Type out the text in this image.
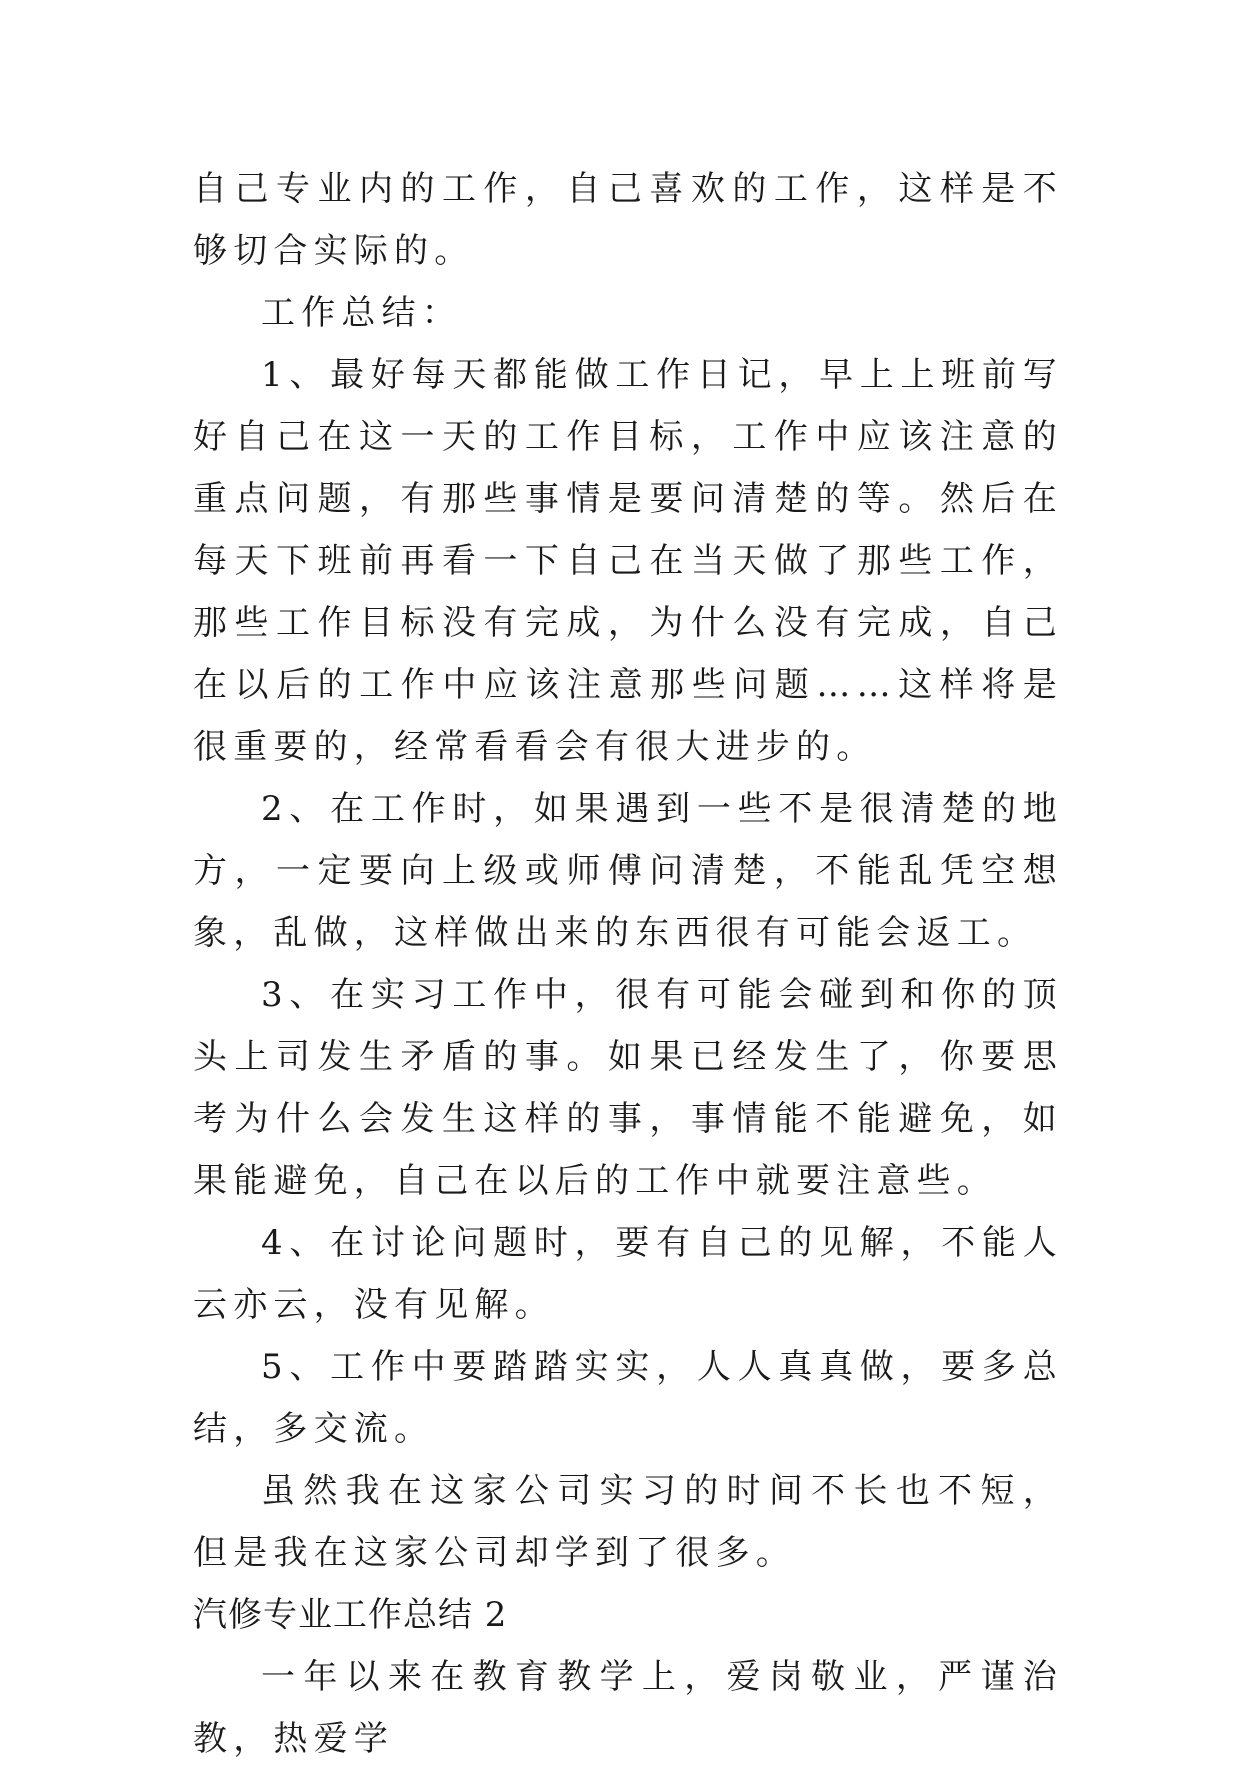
自己专业内的工作，自己喜欢的工作，这样是不够切合实际的。

工作总结：

1、最好每天都能做工作日记，早上上班前写好自己在这一天的工作目标，工作中应该注意的重点问题，有那些事情是要问清楚的等。然后在每天下班前再看一下自己在当天做了那些工作，那些工作目标没有完成，为什么没有完成，自己在以后的工作中应该注意那些问题……这样将是很重要的，经常看看会有很大进步的。

2、在工作时，如果遇到一些不是很清楚的地方，一定要向上级或师傅问清楚，不能乱凭空想象，乱做，这样做出来的东西很有可能会返工。

3、在实习工作中，很有可能会碰到和你的顶头上司发生矛盾的事。如果已经发生了，你要思考为什么会发生这样的事，事情能不能避免，如果能避免，自己在以后的工作中就要注意些。

4、在讨论问题时，要有自己的见解，不能人云亦云，没有见解。

5、工作中要踏踏实实，人人真真做，要多总结，多交流。

虽然我在这家公司实习的时间不长也不短，但是我在这家公司却学到了很多。

汽修专业工作总结 2

一年以来在教育教学上，爱岗敬业，严谨治教，热爱学
